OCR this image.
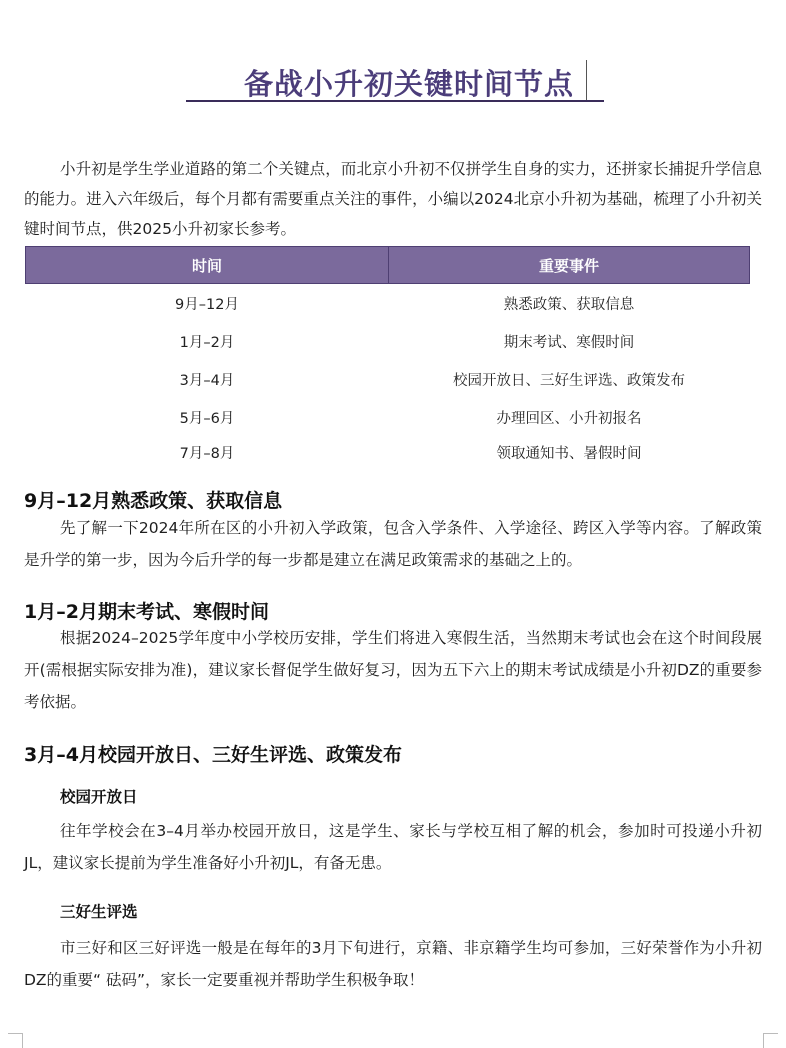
备战小升初关键时间节点

小升初是学生学业道路的第二个关键点，而北京小升初不仅拼学生自身的实力，还拼家长捕捉升学信息的能力。进入六年级后，每个月都有需要重点关注的事件，小编以2024北京小升初为基础，梳理了小升初关键时间节点，供2025小升初家长参考。

时间	重要事件
9月–12月	熟悉政策、获取信息
1月–2月	期末考试、寒假时间
3月–4月	校园开放日、三好生评选、政策发布
5月–6月	办理回区、小升初报名
7月–8月	领取通知书、暑假时间
9月–12月熟悉政策、获取信息

先了解一下2024年所在区的小升初入学政策，包含入学条件、入学途径、跨区入学等内容。了解政策是升学的第一步，因为今后升学的每一步都是建立在满足政策需求的基础之上的。

1月–2月期末考试、寒假时间

根据2024–2025学年度中小学校历安排，学生们将进入寒假生活，当然期末考试也会在这个时间段展开(需根据实际安排为准)，建议家长督促学生做好复习，因为五下六上的期末考试成绩是小升初DZ的重要参考依据。

3月–4月校园开放日、三好生评选、政策发布
校园开放日

往年学校会在3–4月举办校园开放日，这是学生、家长与学校互相了解的机会，参加时可投递小升初JL，建议家长提前为学生准备好小升初JL，有备无患。

三好生评选

市三好和区三好评选一般是在每年的3月下旬进行，京籍、非京籍学生均可参加，三好荣誉作为小升初 DZ的重要“ 砝码”，家长一定要重视并帮助学生积极争取！
